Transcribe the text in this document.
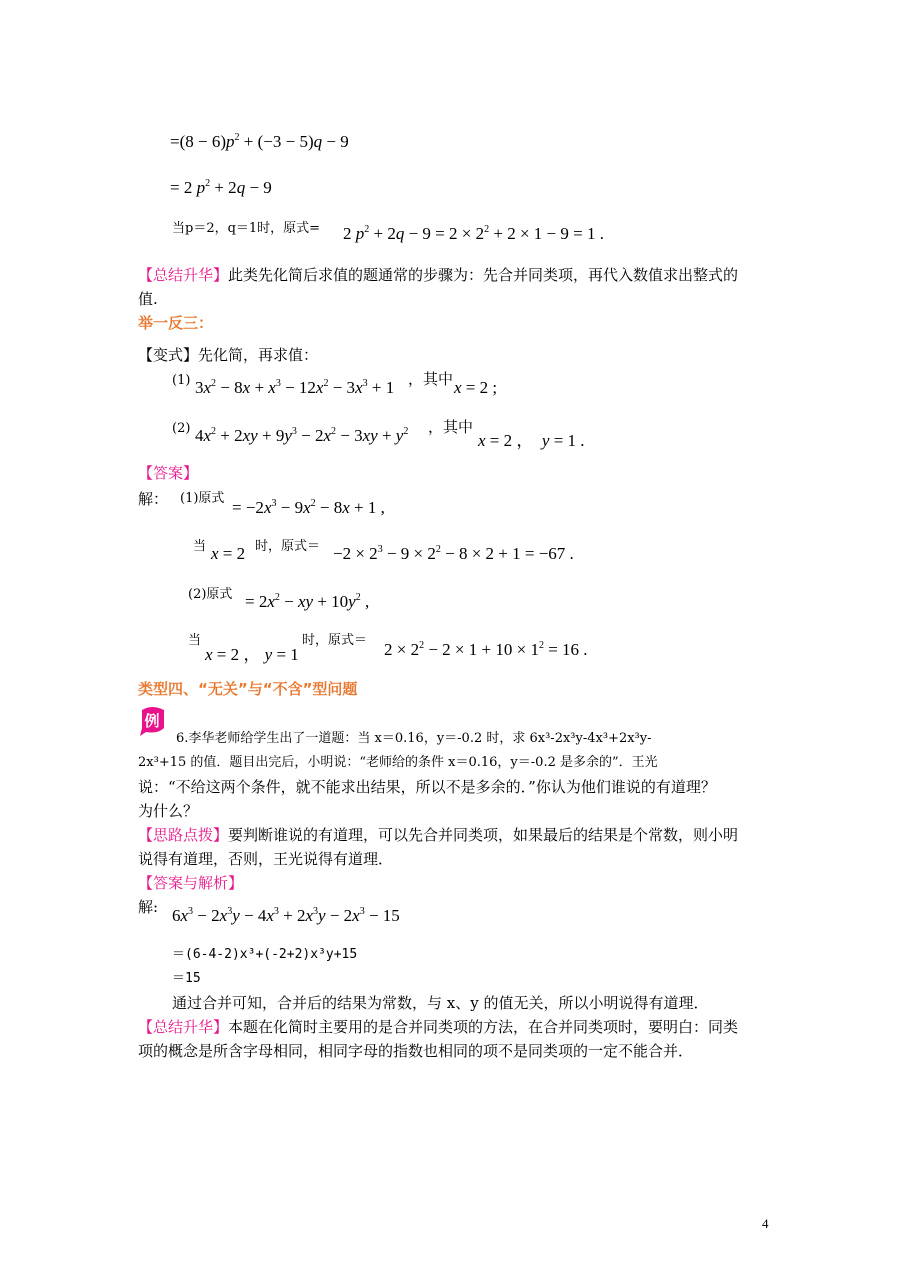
$=(8 - 6)p^2 + (-3 - 5)q - 9$
= 2 $p^2 + 2q - 9$
当p＝2，q＝1时，原式= 2 $p^2 + 2q - 9 = 2 \times 2^2 + 2 \times 1 - 9 = 1$ .
【总结升华】此类先化简后求值的题通常的步骤为：先合并同类项，再代入数值求出整式的
值.
举一反三：
【变式】先化简，再求值：
(1) $3x^2 - 8x + x^3 - 12x^2 - 3x^3 + 1$ ，其中 x = 2 ;
(2) $4x^2 + 2xy + 9y^3 - 2x^2 - 3xy + y^2$ ，其中
x = 2 ，  y = 1 .
【答案】
解： (1)原式 = $-2x^3 - 9x^2 - 8x + 1$ ,
当 x = 2 时，原式＝ $-2 \times 2^3 - 9 \times 2^2 - 8 \times 2 + 1 = -67$ .
(2)原式 = $2x^2$ − xy + $10y^2$ ,
当
x = 2 ， y = 1
时，原式＝ $2 \times 2^2 - 2 \times 1 + 10 \times 1^2 = 16$ .
类型四、“无关”与“不含”型问题
例
6.李华老师给学生出了一道题：当 x＝0.16，y＝-0.2 时，求 6x³-2x³y-4x³+2x³y-
2x³+15 的值．题目出完后，小明说：“老师给的条件 x＝0.16，y＝-0.2 是多余的”．王光
说：“不给这两个条件，就不能求出结果，所以不是多余的．”你认为他们谁说的有道理？
为什么？
【思路点拨】要判断谁说的有道理，可以先合并同类项，如果最后的结果是个常数，则小明
说得有道理，否则，王光说得有道理．
【答案与解析】
解: $6x^3 - 2x^3y - 4x^3 + 2x^3y - 2x^3 - 15$
＝(6-4-2)x³+(-2+2)x³y+15
＝15
通过合并可知，合并后的结果为常数，与 x、y 的值无关，所以小明说得有道理．
【总结升华】本题在化简时主要用的是合并同类项的方法，在合并同类项时，要明白：同类
项的概念是所含字母相同，相同字母的指数也相同的项不是同类项的一定不能合并．
4
